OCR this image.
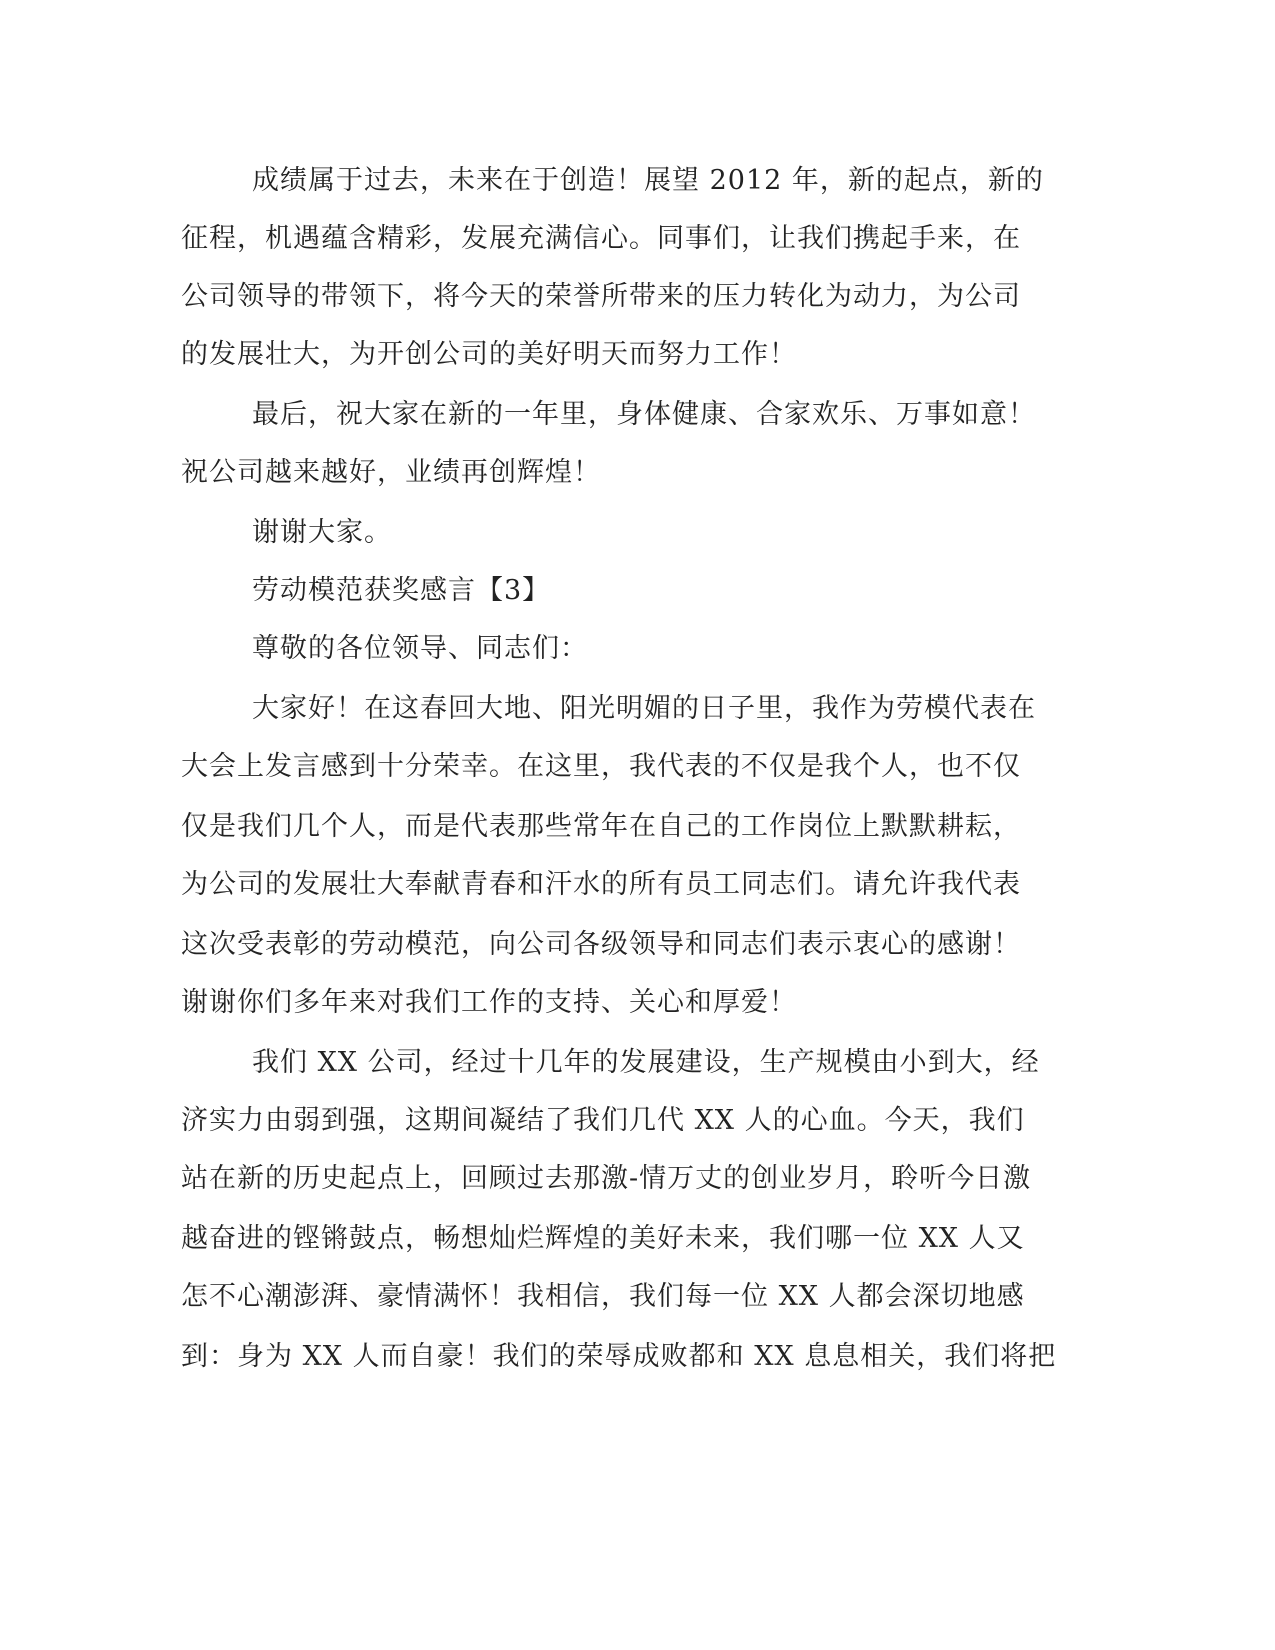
成绩属于过去，未来在于创造！展望 2012 年，新的起点，新的
征程，机遇蕴含精彩，发展充满信心。同事们，让我们携起手来，在
公司领导的带领下，将今天的荣誉所带来的压力转化为动力，为公司
的发展壮大，为开创公司的美好明天而努力工作！
最后，祝大家在新的一年里，身体健康、合家欢乐、万事如意！
祝公司越来越好，业绩再创辉煌！
谢谢大家。
劳动模范获奖感言【3】
尊敬的各位领导、同志们：
大家好！在这春回大地、阳光明媚的日子里，我作为劳模代表在
大会上发言感到十分荣幸。在这里，我代表的不仅是我个人，也不仅
仅是我们几个人，而是代表那些常年在自己的工作岗位上默默耕耘，
为公司的发展壮大奉献青春和汗水的所有员工同志们。请允许我代表
这次受表彰的劳动模范，向公司各级领导和同志们表示衷心的感谢！
谢谢你们多年来对我们工作的支持、关心和厚爱！
我们 XX 公司，经过十几年的发展建设，生产规模由小到大，经
济实力由弱到强，这期间凝结了我们几代 XX 人的心血。今天，我们
站在新的历史起点上，回顾过去那激-情万丈的创业岁月，聆听今日激
越奋进的铿锵鼓点，畅想灿烂辉煌的美好未来，我们哪一位 XX 人又
怎不心潮澎湃、豪情满怀！我相信，我们每一位 XX 人都会深切地感
到：身为 XX 人而自豪！我们的荣辱成败都和 XX 息息相关，我们将把
